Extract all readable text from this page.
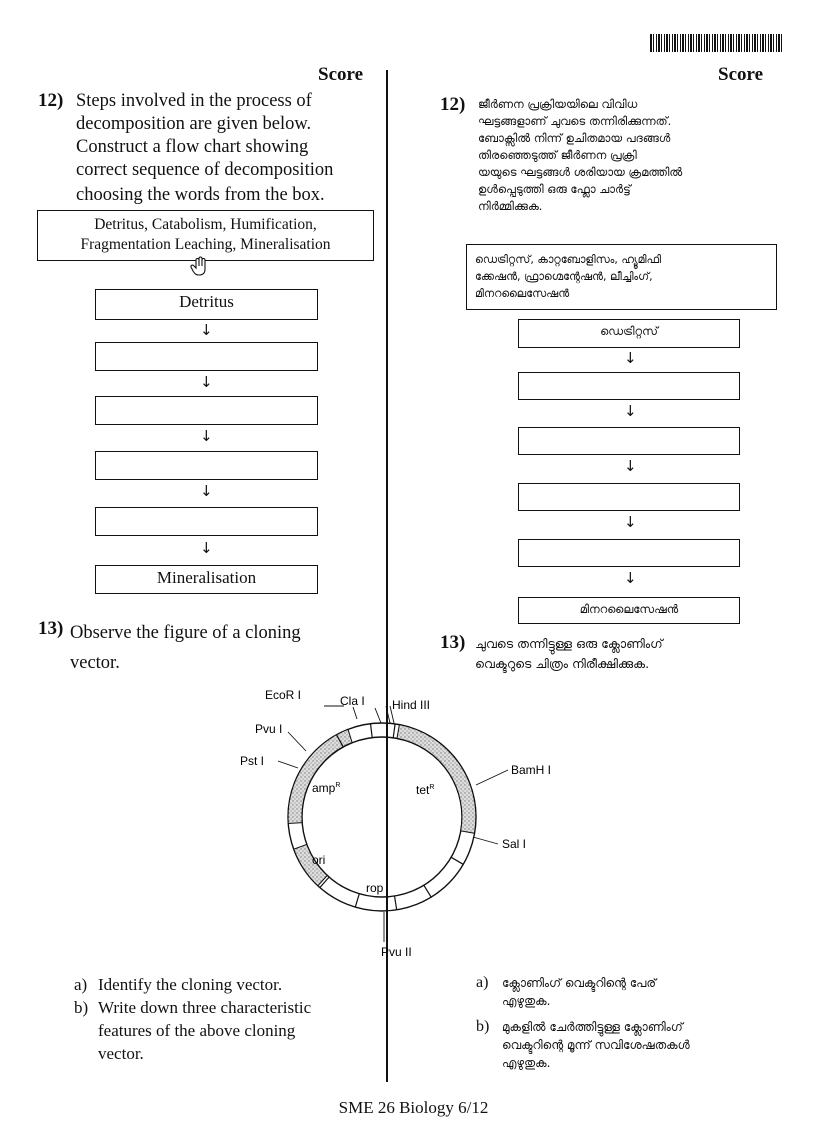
Score	Score
12) Steps involved in the process of
decomposition are given below.
Construct a flow chart showing
correct sequence of decomposition
choosing the words from the box.
Detritus, Catabolism, Humification,
Fragmentation Leaching, Mineralisation
Detritus
↓
↓
↓
↓
↓
Mineralisation
12) ജീർണന പ്രക്രിയയിലെ വിവിധ
ഘട്ടങ്ങളാണ് ചുവടെ തന്നിരിക്കുന്നത്.
ബോക്സിൽ നിന്ന് ഉചിതമായ പദങ്ങൾ
തിരഞ്ഞെടുത്ത് ജീർണന പ്രക്രി
യയുടെ ഘട്ടങ്ങൾ ശരിയായ ക്രമത്തിൽ
ഉൾപ്പെടുത്തി ഒരു ഫ്ലോ ചാർട്ട്
നിർമ്മിക്കുക.
ഡെട്രിറ്റസ്, കാറ്റബോളിസം, ഹ്യൂമിഫി
ക്കേഷൻ, ഫ്രാഗ്മെന്റേഷൻ, ലീച്ചിംഗ്,
മിനറലൈസേഷൻ
ഡെട്രിറ്റസ്
↓
↓
↓
↓
↓
മിനറലൈസേഷൻ
13) Observe the figure of a cloning
vector.
13) ചുവടെ തന്നിട്ടുള്ള ഒരു ക്ലോണിംഗ്
വെക്ടറുടെ ചിത്രം നിരീക്ഷിക്കുക.
EcoR I	Cla I Hind III
Pvu I
Pst I
BamH I
Sal I
Pvu II
amp$^R$	tet$^R$
ori
rop
a) Identify the cloning vector.
b) Write down three characteristic
features of the above cloning
vector.
a)	ക്ലോണിംഗ് വെക്ടറിന്റെ പേര്
എഴുതുക.
b)	മുകളിൽ ചേർത്തിട്ടുള്ള ക്ലോണിംഗ്
വെക്ടറിന്റെ മൂന്ന് സവിശേഷതകൾ
എഴുതുക.
SME 26 Biology 6/12
